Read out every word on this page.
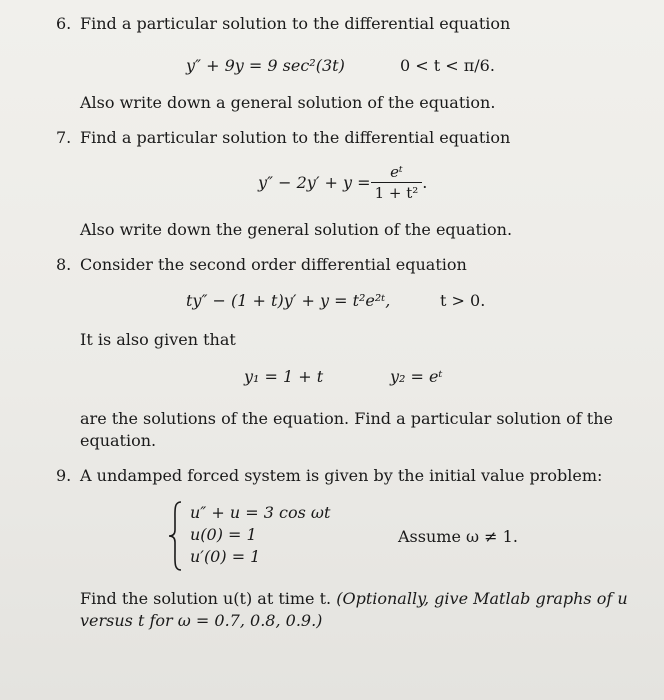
6. Find a particular solution to the differential equation
y″ + 9y = 9 sec²(3t)	0 < t < π/6.
Also write down a general solution of the equation.
7. Find a particular solution to the differential equation
$y'' - 2y' + y = \frac{\text{eᵗ}}{\text{1 + t²}}$ .
Also write down the general solution of the equation.
8. Consider the second order differential equation
ty″ − (1 + t)y′ + y = t²e²ᵗ,	t > 0.
It is also given that
y₁ = 1 + t	y₂ = eᵗ
are the solutions of the equation. Find a particular solution of the equation.
9. A undamped forced system is given by the initial value problem:
u″ + u = 3 cos ωt
u(0) = 1
u′(0) = 1
Assume ω ≠ 1.
Find the solution u(t) at time t. (Optionally, give Matlab graphs of u versus t for ω = 0.7, 0.8, 0.9.)
